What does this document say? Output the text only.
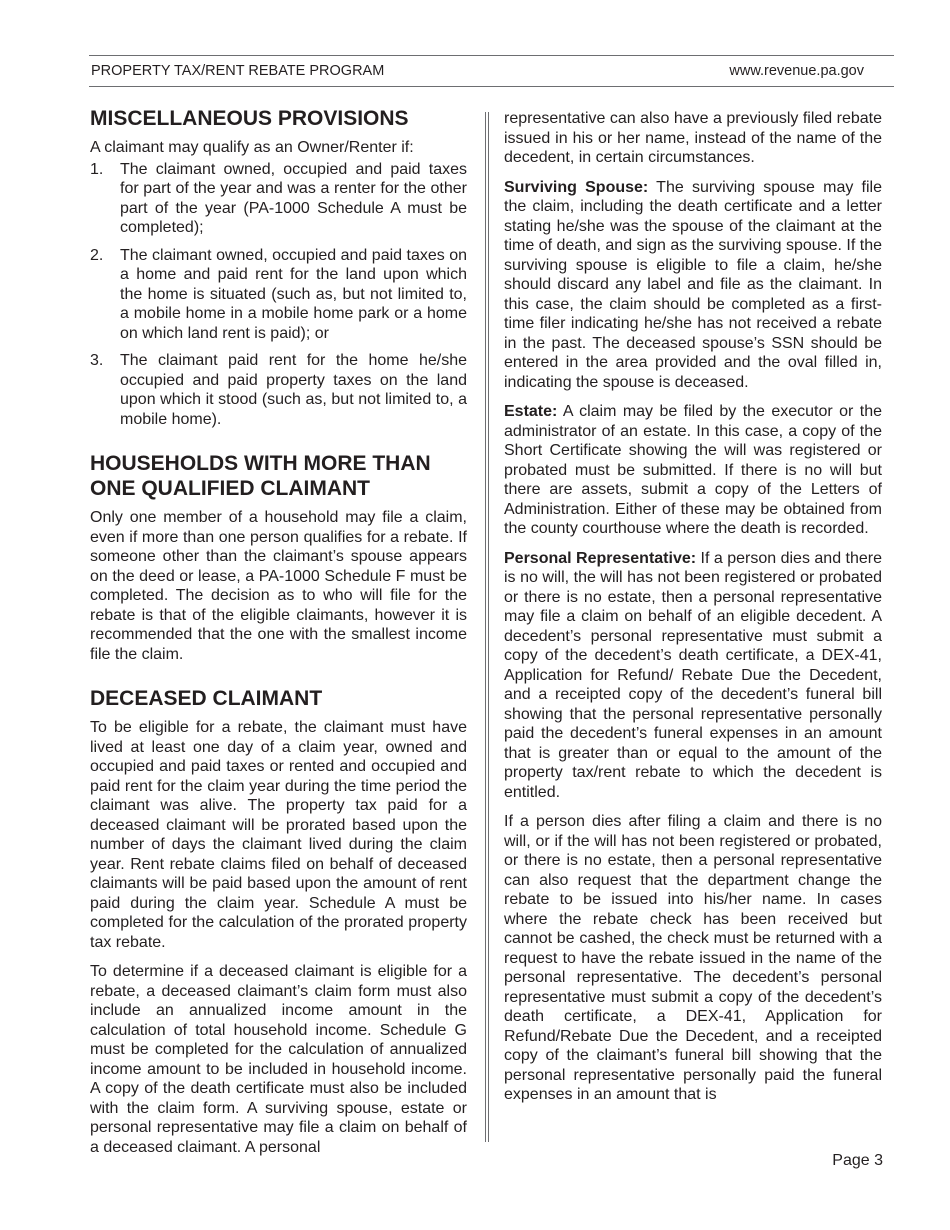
PROPERTY TAX/RENT REBATE PROGRAM	www.revenue.pa.gov
MISCELLANEOUS PROVISIONS

A claimant may qualify as an Owner/Renter if:

1. The claimant owned, occupied and paid taxes for part of the year and was a renter for the other part of the year (PA-1000 Schedule A must be completed);
2. The claimant owned, occupied and paid taxes on a home and paid rent for the land upon which the home is situated (such as, but not limited to, a mobile home in a mobile home park or a home on which land rent is paid); or
3. The claimant paid rent for the home he/she occupied and paid property taxes on the land upon which it stood (such as, but not limited to, a mobile home).
HOUSEHOLDS WITH MORE THAN ONE QUALIFIED CLAIMANT

Only one member of a household may file a claim, even if more than one person qualifies for a rebate. If someone other than the claimant’s spouse appears on the deed or lease, a PA-1000 Schedule F must be completed. The decision as to who will file for the rebate is that of the eligible claimants, however it is recommended that the one with the smallest income file the claim.

DECEASED CLAIMANT

To be eligible for a rebate, the claimant must have lived at least one day of a claim year, owned and occupied and paid taxes or rented and occupied and paid rent for the claim year during the time period the claimant was alive. The property tax paid for a deceased claimant will be prorated based upon the number of days the claimant lived during the claim year. Rent rebate claims filed on behalf of deceased claimants will be paid based upon the amount of rent paid during the claim year. Schedule A must be completed for the calculation of the prorated property tax rebate.

To determine if a deceased claimant is eligible for a rebate, a deceased claimant’s claim form must also include an annualized income amount in the calculation of total household income. Schedule G must be completed for the calculation of annualized income amount to be included in household income. A copy of the death certificate must also be included with the claim form. A surviving spouse, estate or personal representative may file a claim on behalf of a deceased claimant. A personal

representative can also have a previously filed rebate issued in his or her name, instead of the name of the decedent, in certain circumstances.

Surviving Spouse: The surviving spouse may file the claim, including the death certificate and a letter stating he/she was the spouse of the claimant at the time of death, and sign as the surviving spouse. If the surviving spouse is eligible to file a claim, he/she should discard any label and file as the claimant. In this case, the claim should be completed as a first-time filer indicating he/she has not received a rebate in the past. The deceased spouse’s SSN should be entered in the area provided and the oval filled in, indicating the spouse is deceased.

Estate: A claim may be filed by the executor or the administrator of an estate. In this case, a copy of the Short Certificate showing the will was registered or probated must be submitted. If there is no will but there are assets, submit a copy of the Letters of Administration. Either of these may be obtained from the county courthouse where the death is recorded.

Personal Representative: If a person dies and there is no will, the will has not been registered or probated or there is no estate, then a personal representative may file a claim on behalf of an eligible decedent. A decedent’s personal representative must submit a copy of the decedent’s death certificate, a DEX-41, Application for Refund/ Rebate Due the Decedent, and a receipted copy of the decedent’s funeral bill showing that the personal representative personally paid the decedent’s funeral expenses in an amount that is greater than or equal to the amount of the property tax/rent rebate to which the decedent is entitled.

If a person dies after filing a claim and there is no will, or if the will has not been registered or probated, or there is no estate, then a personal representative can also request that the department change the rebate to be issued into his/her name. In cases where the rebate check has been received but cannot be cashed, the check must be returned with a request to have the rebate issued in the name of the personal representative. The decedent’s personal representative must submit a copy of the decedent’s death certificate, a DEX-41, Application for Refund/Rebate Due the Decedent, and a receipted copy of the claimant’s funeral bill showing that the personal representative personally paid the funeral expenses in an amount that is

Page 3
